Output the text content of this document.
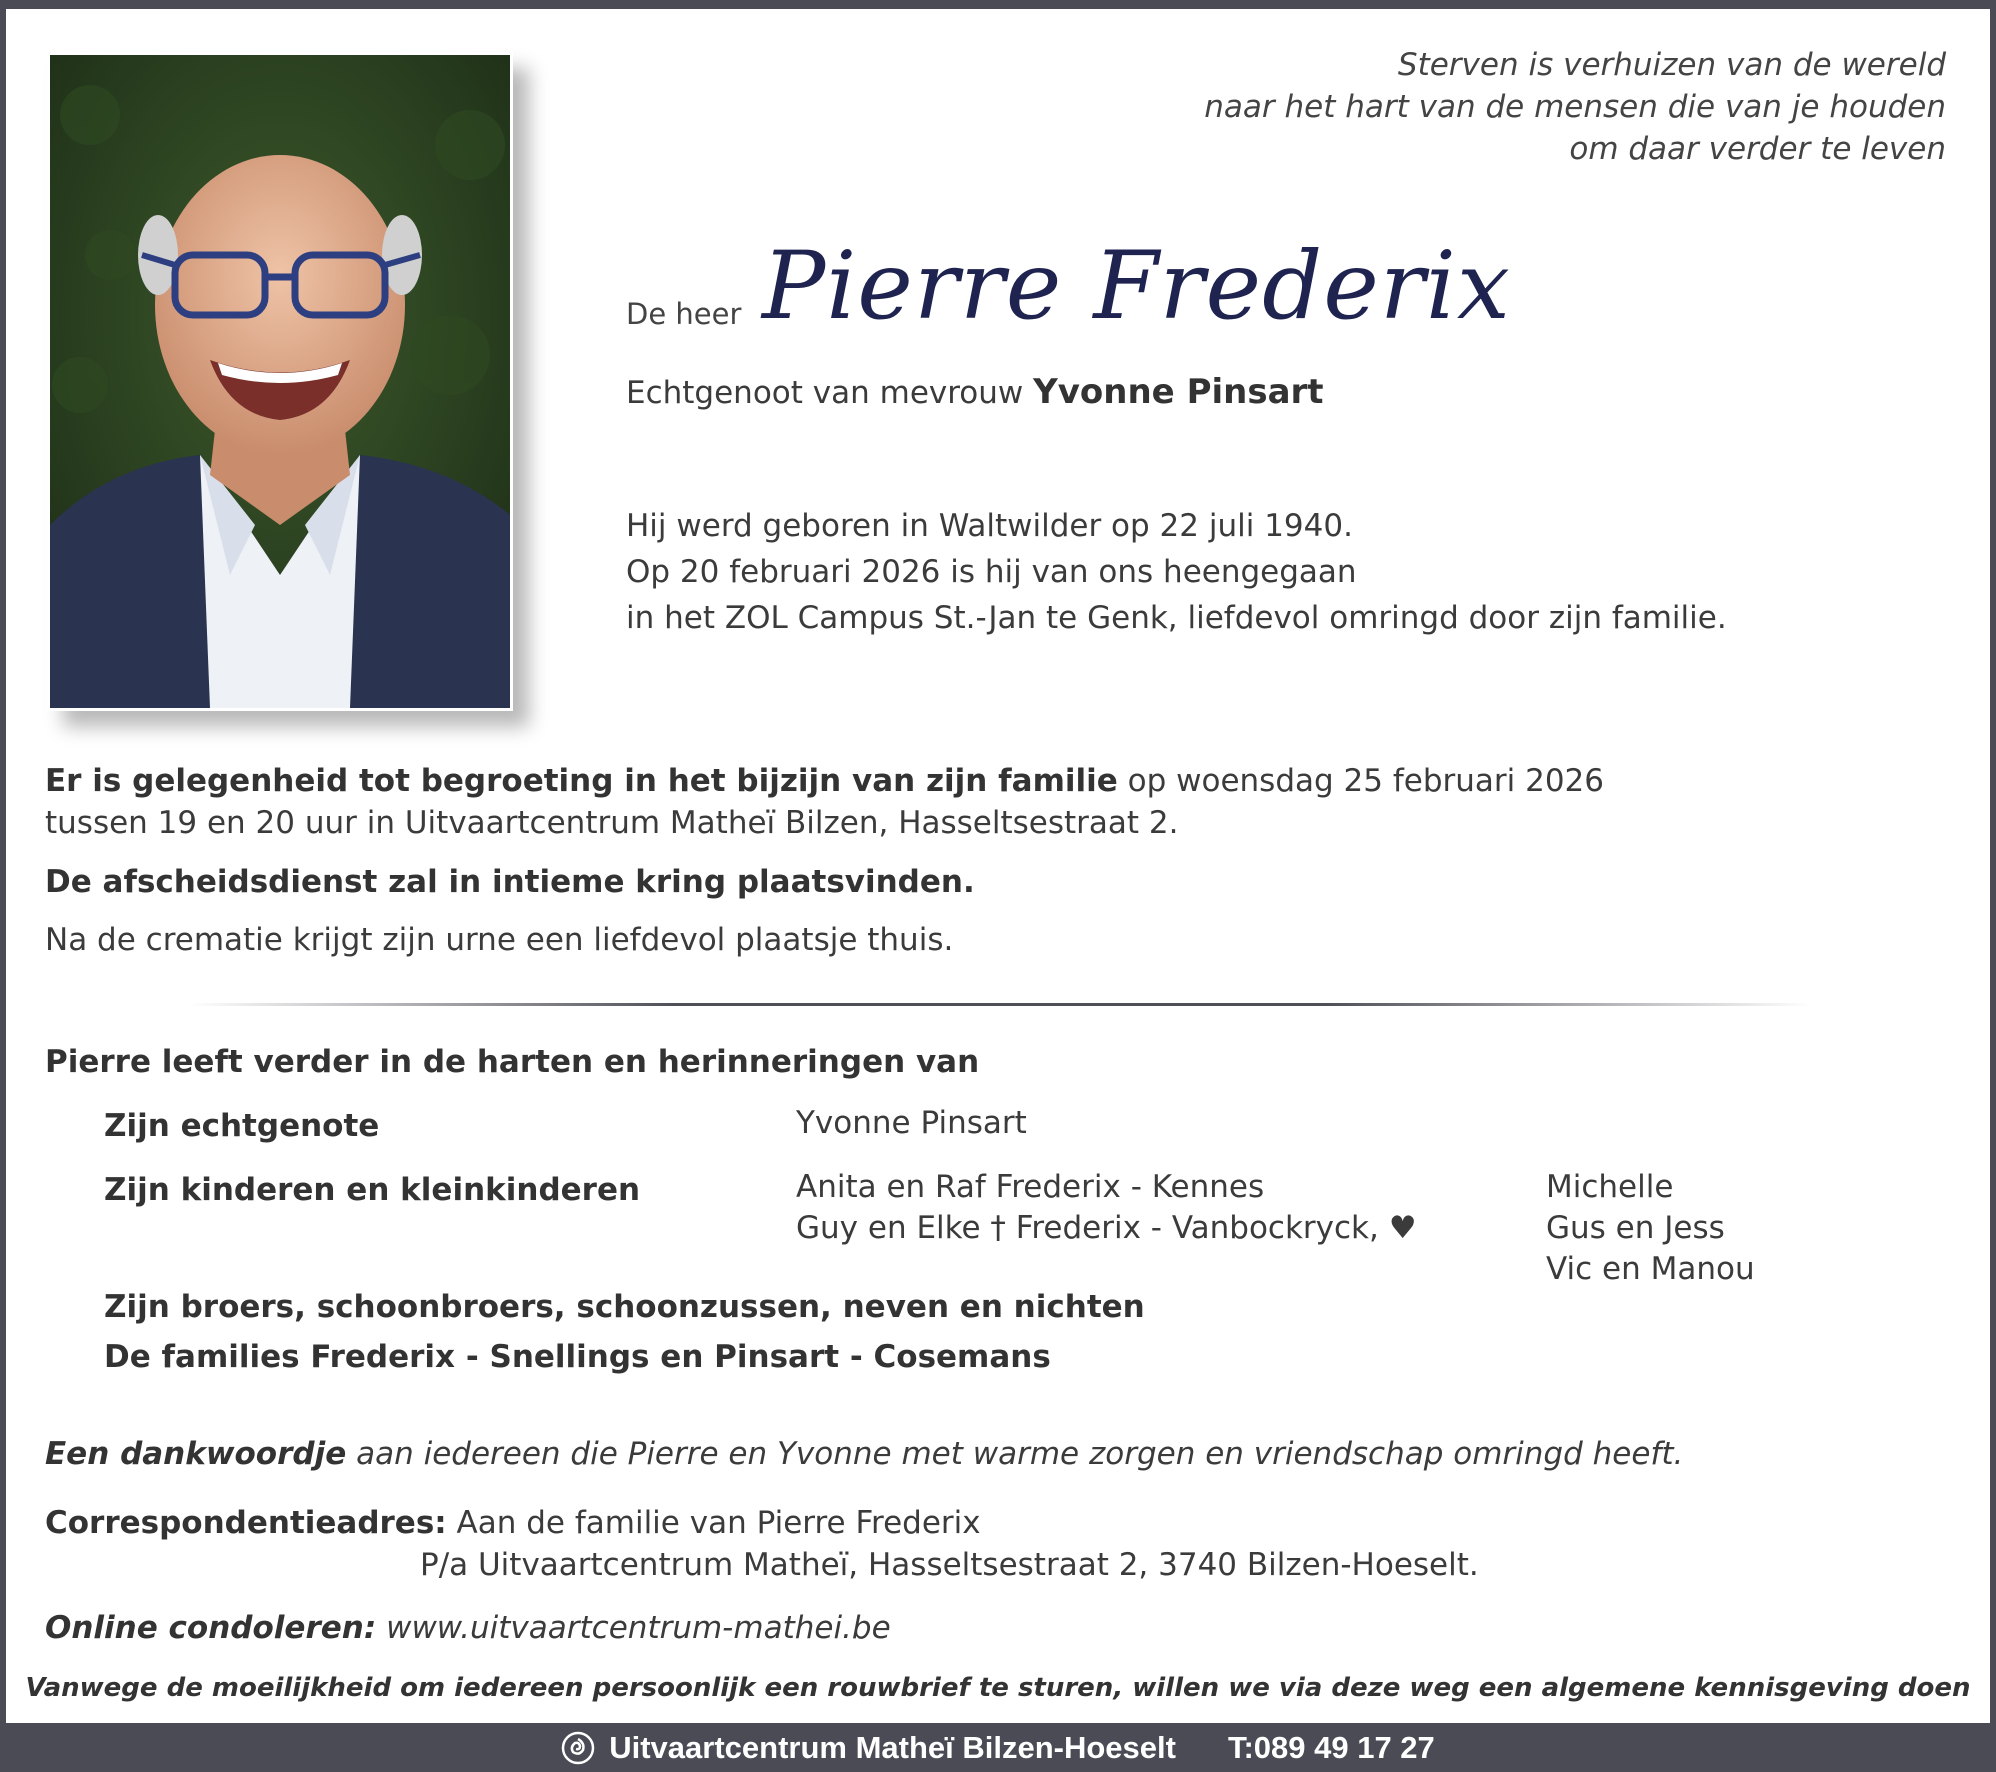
Sterven is verhuizen van de wereld
naar het hart van de mensen die van je houden
om daar verder te leven
De heer Pierre Frederix
Echtgenoot van mevrouw Yvonne Pinsart
Hij werd geboren in Waltwilder op 22 juli 1940.
Op 20 februari 2026 is hij van ons heengegaan
in het ZOL Campus St.-Jan te Genk, liefdevol omringd door zijn familie.
Er is gelegenheid tot begroeting in het bijzijn van zijn familie op woensdag 25 februari 2026
tussen 19 en 20 uur in Uitvaartcentrum Matheï Bilzen, Hasseltsestraat 2.
De afscheidsdienst zal in intieme kring plaatsvinden.
Na de crematie krijgt zijn urne een liefdevol plaatsje thuis.
Pierre leeft verder in de harten en herinneringen van
Zijn echtgenote	Yvonne Pinsart
Zijn kinderen en kleinkinderen	Anita en Raf Frederix - Kennes
Guy en Elke † Frederix - Vanbockryck, ♥
Michelle
Gus en Jess
Vic en Manou
Zijn broers, schoonbroers, schoonzussen, neven en nichten
De families Frederix - Snellings en Pinsart - Cosemans
Een dankwoordje aan iedereen die Pierre en Yvonne met warme zorgen en vriendschap omringd heeft.
Correspondentieadres: Aan de familie van Pierre Frederix
P/a Uitvaartcentrum Matheï, Hasseltsestraat 2, 3740 Bilzen-Hoeselt.
Online condoleren: www.uitvaartcentrum-mathei.be
Vanwege de moeilijkheid om iedereen persoonlijk een rouwbrief te sturen, willen we via deze weg een algemene kennisgeving doen
Uitvaartcentrum Matheï Bilzen-Hoeselt T:089 49 17 27
